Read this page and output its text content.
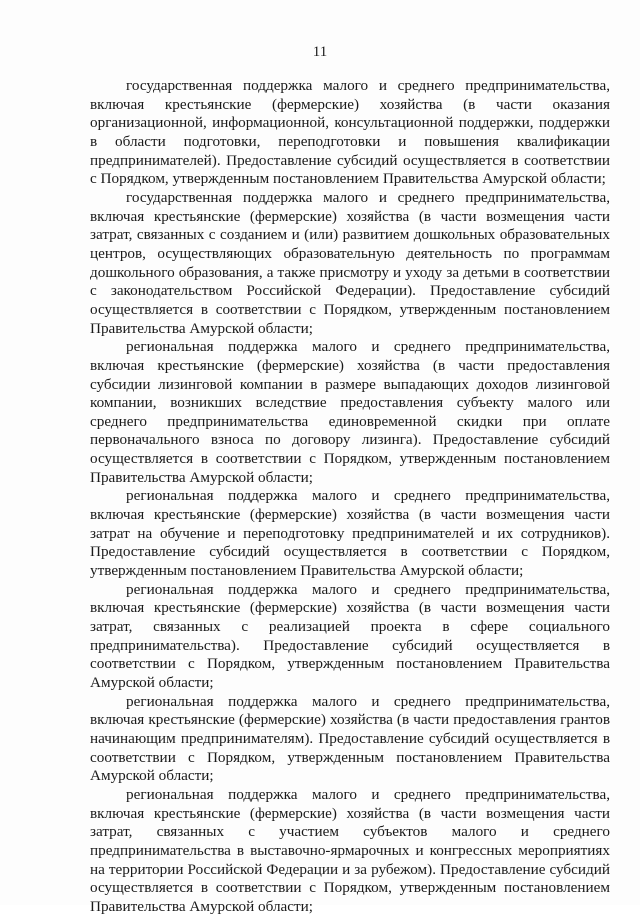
11

государственная поддержка малого и среднего предпринимательства, включая крестьянские (фермерские) хозяйства (в части оказания организационной, информационной, консультационной поддержки, поддержки в области подготовки, переподготовки и повышения квалификации предпринимателей). Предоставление субсидий осуществляется в соответствии с Порядком, утвержденным постановлением Правительства Амурской области;

государственная поддержка малого и среднего предпринимательства, включая крестьянские (фермерские) хозяйства (в части возмещения части затрат, связанных с созданием и (или) развитием дошкольных образовательных центров, осуществляющих образовательную деятельность по программам дошкольного образования, а также присмотру и уходу за детьми в соответствии с законодательством Российской Федерации). Предоставление субсидий осуществляется в соответствии с Порядком, утвержденным постановлением Правительства Амурской области;

региональная поддержка малого и среднего предпринимательства, включая крестьянские (фермерские) хозяйства (в части предоставления субсидии лизинговой компании в размере выпадающих доходов лизинговой компании, возникших вследствие предоставления субъекту малого или среднего предпринимательства единовременной скидки при оплате первоначального взноса по договору лизинга). Предоставление субсидий осуществляется в соответствии с Порядком, утвержденным постановлением Правительства Амурской области;

региональная поддержка малого и среднего предпринимательства, включая крестьянские (фермерские) хозяйства (в части возмещения части затрат на обучение и переподготовку предпринимателей и их сотрудников). Предоставление субсидий осуществляется в соответствии с Порядком, утвержденным постановлением Правительства Амурской области;

региональная поддержка малого и среднего предпринимательства, включая крестьянские (фермерские) хозяйства (в части возмещения части затрат, связанных с реализацией проекта в сфере социального предпринимательства). Предоставление субсидий осуществляется в соответствии с Порядком, утвержденным постановлением Правительства Амурской области;

региональная поддержка малого и среднего предпринимательства, включая крестьянские (фермерские) хозяйства (в части предоставления грантов начинающим предпринимателям). Предоставление субсидий осуществляется в соответствии с Порядком, утвержденным постановлением Правительства Амурской области;

региональная поддержка малого и среднего предпринимательства, включая крестьянские (фермерские) хозяйства (в части возмещения части затрат, связанных с участием субъектов малого и среднего предпринимательства в выставочно-ярмарочных и конгрессных мероприятиях на территории Российской Федерации и за рубежом). Предоставление субсидий осуществляется в соответствии с Порядком, утвержденным постановлением Правительства Амурской области;
